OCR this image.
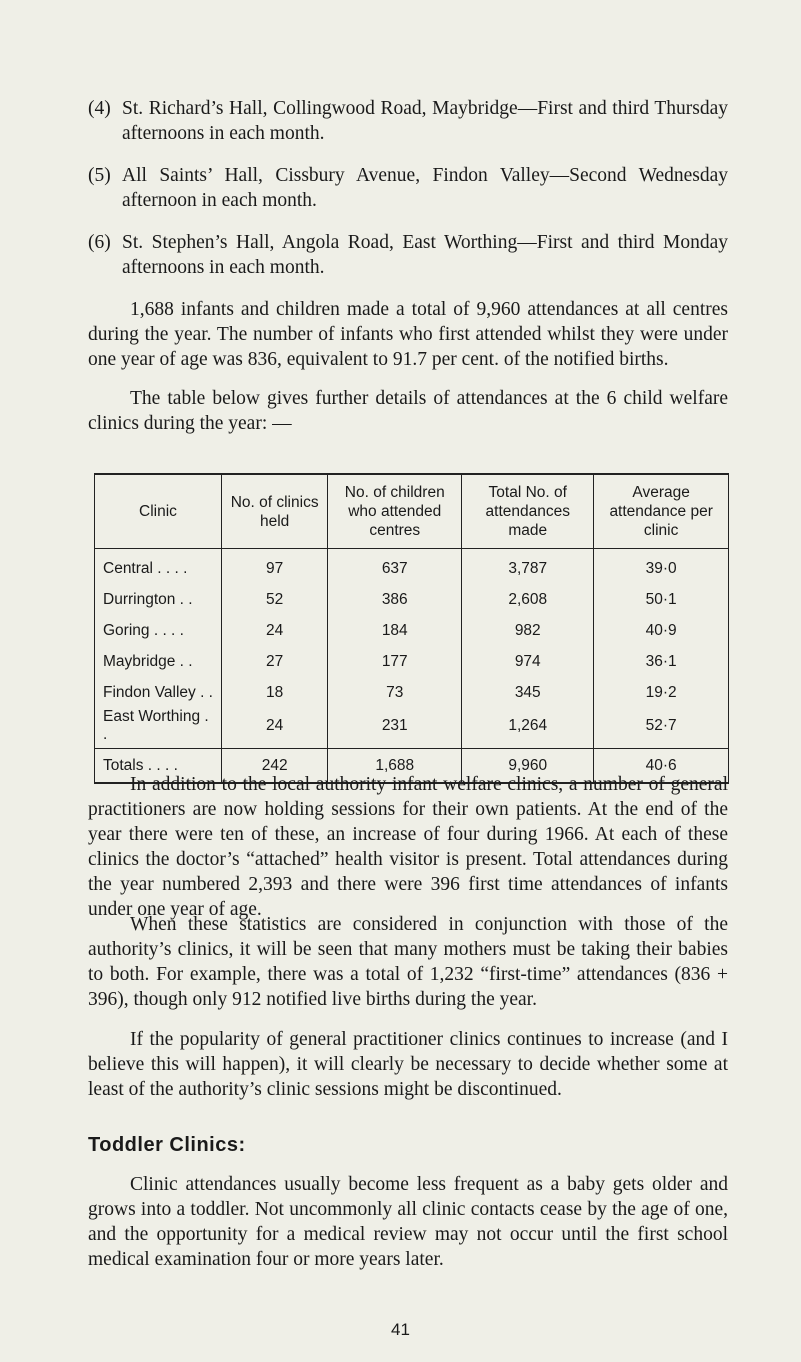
(4) St. Richard’s Hall, Collingwood Road, Maybridge—First and third Thursday afternoons in each month.
(5) All Saints’ Hall, Cissbury Avenue, Findon Valley—Second Wednesday afternoon in each month.
(6) St. Stephen’s Hall, Angola Road, East Worthing—First and third Monday afternoons in each month.

1,688 infants and children made a total of 9,960 attendances at all centres during the year. The number of infants who first attended whilst they were under one year of age was 836, equivalent to 91.7 per cent. of the notified births.

The table below gives further details of attendances at the 6 child welfare clinics during the year: —

Clinic	No. of clinics held	No. of children who attended centres	Total No. of attendances made	Average attendance per clinic
Central . . . .	97	637	3,787	39·0
Durrington . .	52	386	2,608	50·1
Goring . . . .	24	184	982	40·9
Maybridge . .	27	177	974	36·1
Findon Valley . .	18	73	345	19·2
East Worthing . .	24	231	1,264	52·7
Totals . . . .	242	1,688	9,960	40·6

In addition to the local authority infant welfare clinics, a number of general practitioners are now holding sessions for their own patients. At the end of the year there were ten of these, an increase of four during 1966. At each of these clinics the doctor’s “attached” health visitor is present. Total attendances during the year numbered 2,393 and there were 396 first time attendances of infants under one year of age.

When these statistics are considered in conjunction with those of the authority’s clinics, it will be seen that many mothers must be taking their babies to both. For example, there was a total of 1,232 “first-time” attendances (836 + 396), though only 912 notified live births during the year.

If the popularity of general practitioner clinics continues to increase (and I believe this will happen), it will clearly be necessary to decide whether some at least of the authority’s clinic sessions might be discontinued.

Toddler Clinics:

Clinic attendances usually become less frequent as a baby gets older and grows into a toddler. Not uncommonly all clinic contacts cease by the age of one, and the opportunity for a medical review may not occur until the first school medical examination four or more years later.

41
